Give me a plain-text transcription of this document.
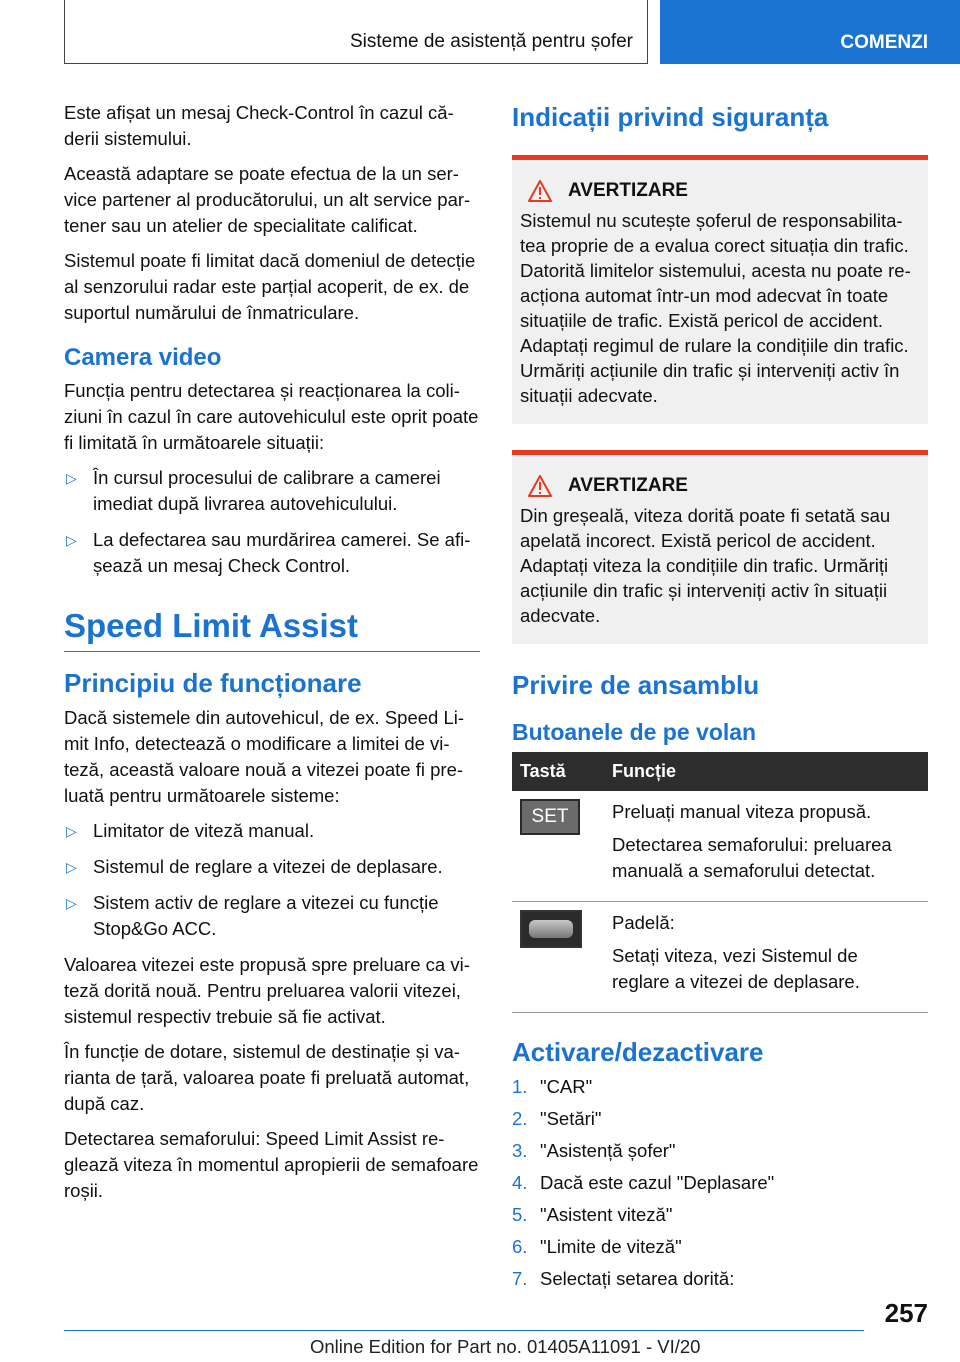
Sisteme de asistență pentru șofer	COMENZI

Este afișat un mesaj Check-Control în cazul căderii sistemului.

Această adaptare se poate efectua de la un service partener al producătorului, un alt service partener sau un atelier de specialitate calificat.

Sistemul poate fi limitat dacă domeniul de detecție al senzorului radar este parțial acoperit, de ex. de suportul numărului de înmatriculare.

Camera video

Funcția pentru detectarea și reacționarea la coliziuni în cazul în care autovehiculul este oprit poate fi limitată în următoarele situații:

▷ În cursul procesului de calibrare a camerei imediat după livrarea autovehiculului.
▷ La defectarea sau murdărirea camerei. Se afișează un mesaj Check Control.
Speed Limit Assist
Principiu de funcționare

Dacă sistemele din autovehicul, de ex. Speed Limit Info, detectează o modificare a limitei de viteză, această valoare nouă a vitezei poate fi preluată pentru următoarele sisteme:

▷ Limitator de viteză manual.
▷ Sistemul de reglare a vitezei de deplasare.
▷ Sistem activ de reglare a vitezei cu funcție Stop&Go ACC.

Valoarea vitezei este propusă spre preluare ca viteză dorită nouă. Pentru preluarea valorii vitezei, sistemul respectiv trebuie să fie activat.

În funcție de dotare, sistemul de destinație și varianta de țară, valoarea poate fi preluată automat, după caz.

Detectarea semaforului: Speed Limit Assist reglează viteza în momentul apropierii de semafoare roșii.

Indicații privind siguranța
AVERTIZARE

Sistemul nu scutește șoferul de responsabilitatea proprie de a evalua corect situația din trafic. Datorită limitelor sistemului, acesta nu poate reacționa automat într-un mod adecvat în toate situațiile de trafic. Există pericol de accident. Adaptați regimul de rulare la condițiile din trafic. Urmăriți acțiunile din trafic și interveniți activ în situații adecvate.

AVERTIZARE

Din greșeală, viteza dorită poate fi setată sau apelată incorect. Există pericol de accident. Adaptați viteza la condițiile din trafic. Urmăriți acțiunile din trafic și interveniți activ în situații adecvate.

Privire de ansamblu
Butoanele de pe volan
Tastă	Funcție

SET	Preluați manual viteza propusă.

Detectarea semaforului: preluarea manuală a semaforului detectat.

	Padelă:

Setați viteza, vezi Sistemul de reglare a vitezei de deplasare.

Activare/dezactivare
1. "CAR"
2. "Setări"
3. "Asistență șofer"
4. Dacă este cazul "Deplasare"
5. "Asistent viteză"
6. "Limite de viteză"
7. Selectați setarea dorită:
257
Online Edition for Part no. 01405A11091 - VI/20
